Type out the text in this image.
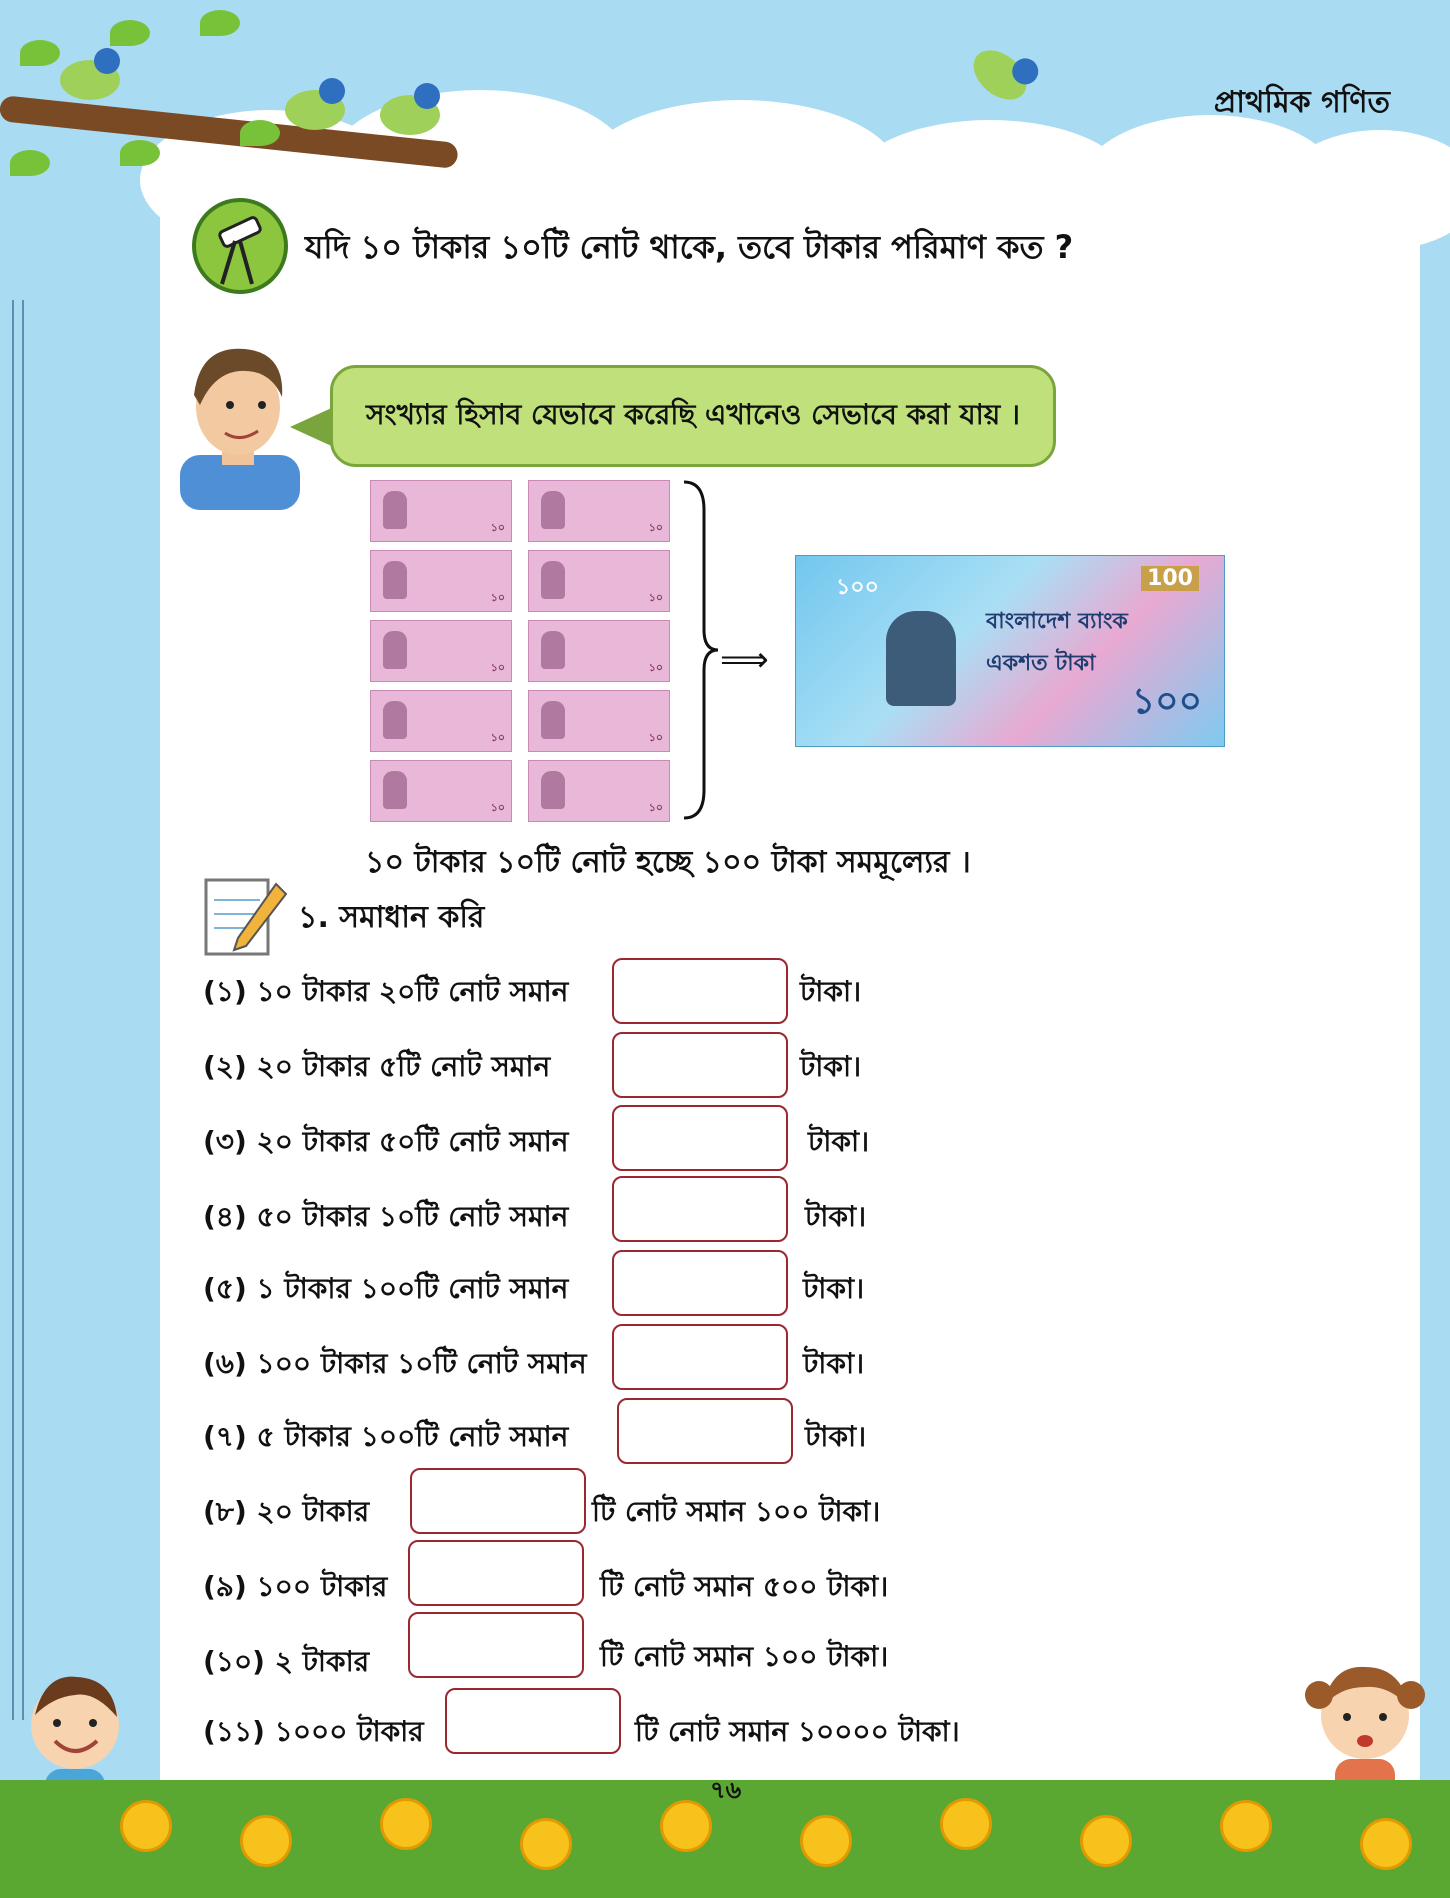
প্রাথমিক গণিত
যদি ১০ টাকার ১০টি নোট থাকে, তবে টাকার পরিমাণ কত ?
সংখ্যার হিসাব যেভাবে করেছি এখানেও সেভাবে করা যায় ।
১০	১০
১০	১০
১০	১০
১০	১০
১০	১০
⟹
১০০
বাংলাদেশ ব্যাংক
100
একশত টাকা
১০০
১০ টাকার ১০টি নোট হচ্ছে ১০০ টাকা সমমূল্যের ।
১. সমাধান করি
(১) ১০ টাকার ২০টি নোট সমান	টাকা।
(২) ২০ টাকার ৫টি নোট সমান	টাকা।
(৩) ২০ টাকার ৫০টি নোট সমান	টাকা।
(৪) ৫০ টাকার ১০টি নোট সমান	টাকা।
(৫) ১ টাকার ১০০টি নোট সমান	টাকা।
(৬) ১০০ টাকার ১০টি নোট সমান	টাকা।
(৭) ৫ টাকার ১০০টি নোট সমান	টাকা।
(৮) ২০ টাকার	টি নোট সমান ১০০ টাকা।
(৯) ১০০ টাকার	টি নোট সমান ৫০০ টাকা।
(১০) ২ টাকার	টি নোট সমান ১০০ টাকা।
(১১) ১০০০ টাকার	টি নোট সমান ১০০০০ টাকা।
৭৬
